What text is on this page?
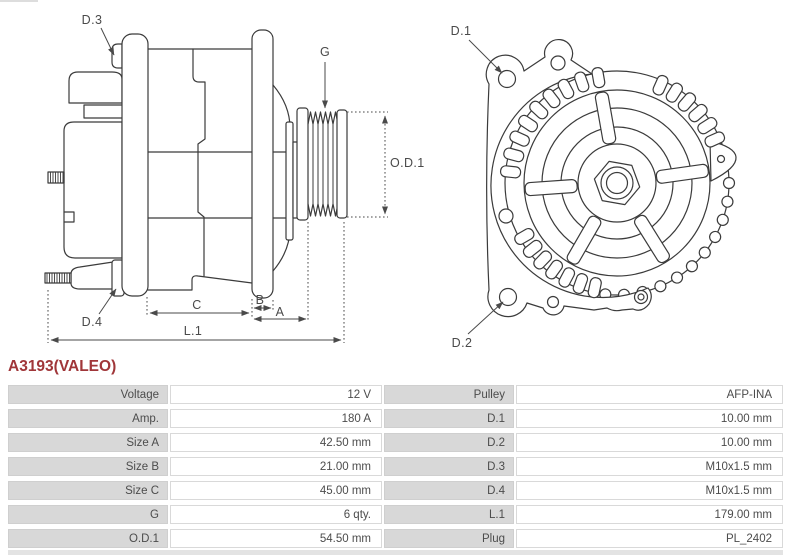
D.3
G
O.D.1
C	B
A
L.1
D.4
D.1
D.2
A3193(VALEO)
Voltage	12 V	Pulley	AFP-INA
Amp.	180 A	D.1	10.00 mm
Size A	42.50 mm	D.2	10.00 mm
Size B	21.00 mm	D.3	M10x1.5 mm
Size C	45.00 mm	D.4	M10x1.5 mm
G	6 qty.	L.1	179.00 mm
O.D.1	54.50 mm	Plug	PL_2402
